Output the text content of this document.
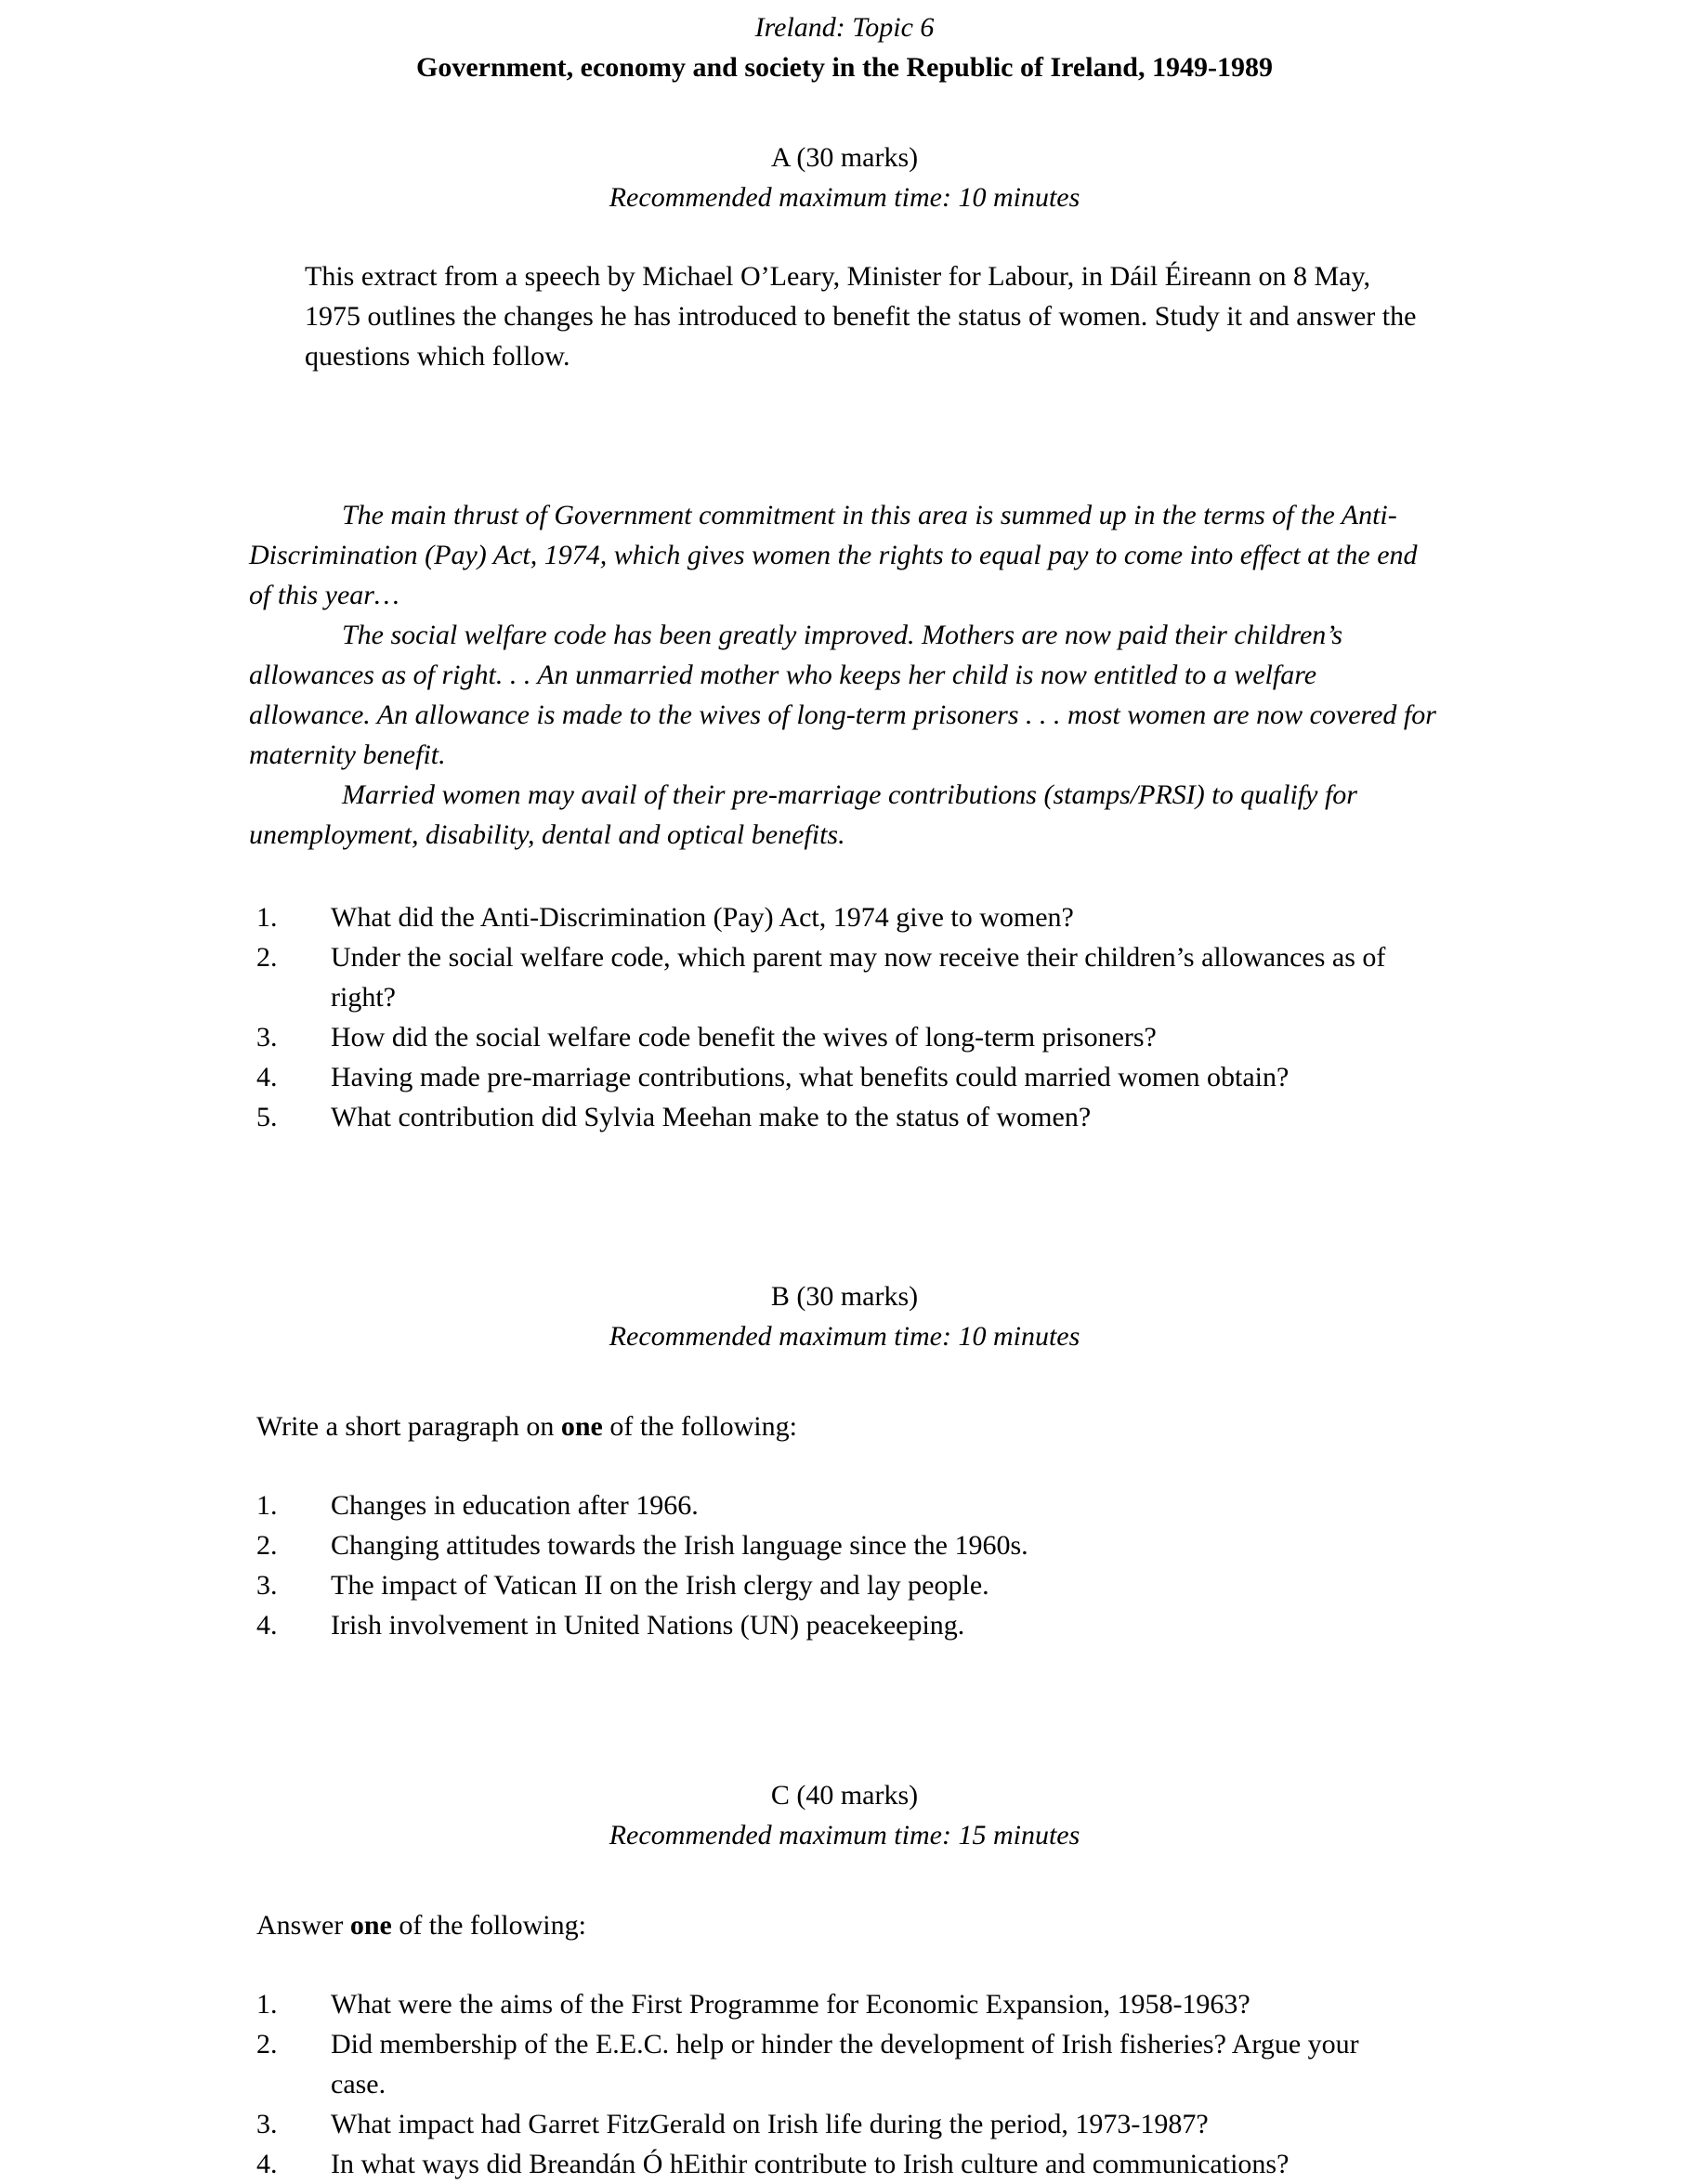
Ireland: Topic 6
Government, economy and society in the Republic of Ireland, 1949-1989
A (30 marks)
Recommended maximum time: 10 minutes

This extract from a speech by Michael O’Leary, Minister for Labour, in Dáil Éireann on 8 May, 1975 outlines the changes he has introduced to benefit the status of women. Study it and answer the questions which follow.

The main thrust of Government commitment in this area is summed up in the terms of the Anti-Discrimination (Pay) Act, 1974, which gives women the rights to equal pay to come into effect at the end of this year…

The social welfare code has been greatly improved. Mothers are now paid their children’s allowances as of right. . . An unmarried mother who keeps her child is now entitled to a welfare allowance. An allowance is made to the wives of long-term prisoners . . . most women are now covered for maternity benefit.

Married women may avail of their pre-marriage contributions (stamps/PRSI) to qualify for unemployment, disability, dental and optical benefits.

1.	What did the Anti-Discrimination (Pay) Act, 1974 give to women?
2.	Under the social welfare code, which parent may now receive their children’s allowances as of right?
3.	How did the social welfare code benefit the wives of long-term prisoners?
4.	Having made pre-marriage contributions, what benefits could married women obtain?
5.	What contribution did Sylvia Meehan make to the status of women?
B (30 marks)
Recommended maximum time: 10 minutes

Write a short paragraph on one of the following:

1.	Changes in education after 1966.
2.	Changing attitudes towards the Irish language since the 1960s.
3.	The impact of Vatican II on the Irish clergy and lay people.
4.	Irish involvement in United Nations (UN) peacekeeping.
C (40 marks)
Recommended maximum time: 15 minutes

Answer one of the following:

1.	What were the aims of the First Programme for Economic Expansion, 1958-1963?
2.	Did membership of the E.E.C. help or hinder the development of Irish fisheries? Argue your case.
3.	What impact had Garret FitzGerald on Irish life during the period, 1973-1987?
4.	In what ways did Breandán Ó hEithir contribute to Irish culture and communications?
